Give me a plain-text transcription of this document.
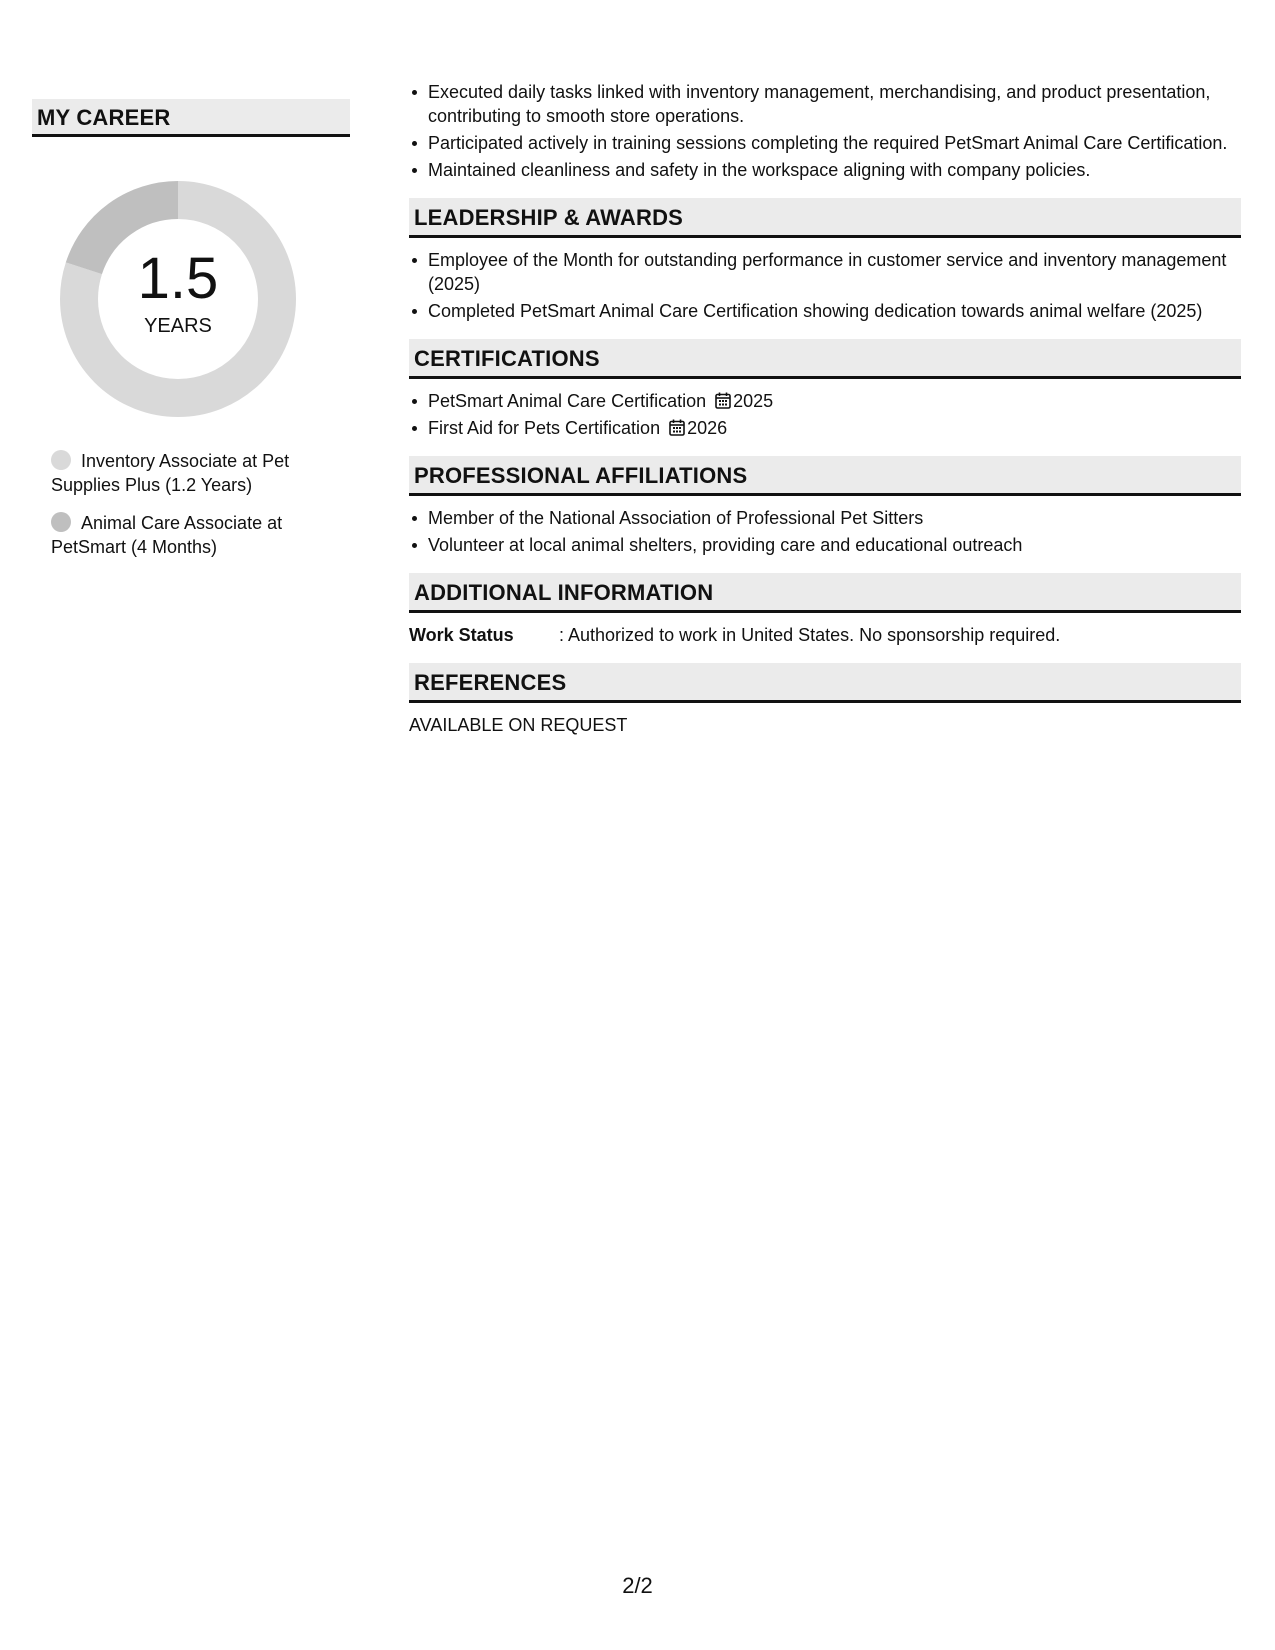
MY CAREER
1.5
YEARS
Inventory Associate at Pet Supplies Plus (1.2 Years)
Animal Care Associate at PetSmart (4 Months)
Executed daily tasks linked with inventory management, merchandising, and product presentation, contributing to smooth store operations.
Participated actively in training sessions completing the required PetSmart Animal Care Certification.
Maintained cleanliness and safety in the workspace aligning with company policies.
LEADERSHIP & AWARDS
Employee of the Month for outstanding performance in customer service and inventory management (2025)
Completed PetSmart Animal Care Certification showing dedication towards animal welfare (2025)
CERTIFICATIONS
PetSmart Animal Care Certification 2025
First Aid for Pets Certification 2026
PROFESSIONAL AFFILIATIONS
Member of the National Association of Professional Pet Sitters
Volunteer at local animal shelters, providing care and educational outreach
ADDITIONAL INFORMATION
Work Status	: Authorized to work in United States. No sponsorship required.
REFERENCES
AVAILABLE ON REQUEST
2/2
